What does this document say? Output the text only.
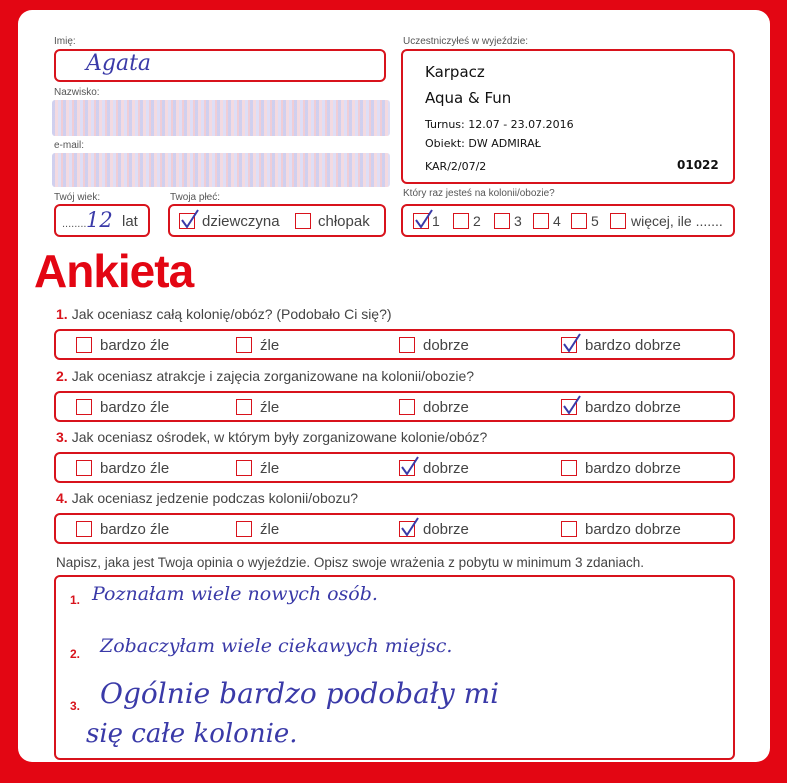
Imię:
Agata
Nazwisko:
e-mail:
Twój wiek:
........ 12 lat
Twoja płeć:
dziewczyna	chłopak
Uczestniczyłeś w wyjeździe:
Karpacz
Aqua & Fun
Turnus: 12.07 - 23.07.2016
Obiekt: DW ADMIRAŁ
KAR/2/07/2	01022
Który raz jesteś na kolonii/obozie?
1 2 3 4 5 więcej, ile .......
Ankieta
1. Jak oceniasz całą kolonię/obóz? (Podobało Ci się?)
bardzo źle	źle	dobrze	bardzo dobrze
2. Jak oceniasz atrakcje i zajęcia zorganizowane na kolonii/obozie?
bardzo źle	źle	dobrze	bardzo dobrze
3. Jak oceniasz ośrodek, w którym były zorganizowane kolonie/obóz?
bardzo źle	źle	dobrze	bardzo dobrze
4. Jak oceniasz jedzenie podczas kolonii/obozu?
bardzo źle	źle	dobrze	bardzo dobrze
Napisz, jaka jest Twoja opinia o wyjeździe. Opisz swoje wrażenia z pobytu w minimum 3 zdaniach.
1. Poznałam wiele nowych osób.
2. Zobaczyłam wiele ciekawych miejsc.
3. Ogólnie bardzo podobały mi
się całe kolonie.
